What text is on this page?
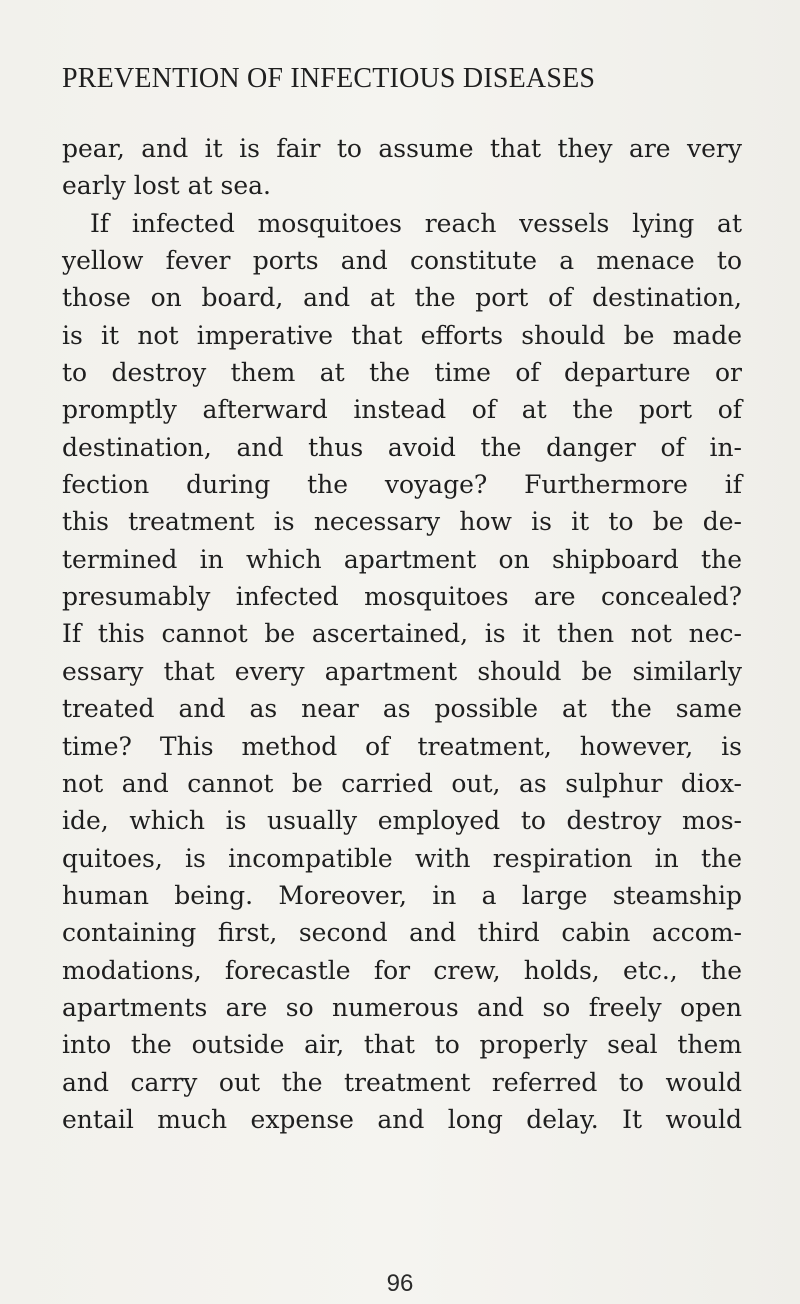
PREVENTION OF INFECTIOUS DISEASES
pear, and it is fair to assume that they are very
early lost at sea.
If infected mosquitoes reach vessels lying at
yellow fever ports and constitute a menace to
those on board, and at the port of destination,
is it not imperative that efforts should be made
to destroy them at the time of departure or
promptly afterward instead of at the port of
destination, and thus avoid the danger of in-
fection during the voyage? Furthermore if
this treatment is necessary how is it to be de-
termined in which apartment on shipboard the
presumably infected mosquitoes are concealed?
If this cannot be ascertained, is it then not nec-
essary that every apartment should be similarly
treated and as near as possible at the same
time? This method of treatment, however, is
not and cannot be carried out, as sulphur diox-
ide, which is usually employed to destroy mos-
quitoes, is incompatible with respiration in the
human being. Moreover, in a large steamship
containing first, second and third cabin accom-
modations, forecastle for crew, holds, etc., the
apartments are so numerous and so freely open
into the outside air, that to properly seal them
and carry out the treatment referred to would
entail much expense and long delay. It would
96
